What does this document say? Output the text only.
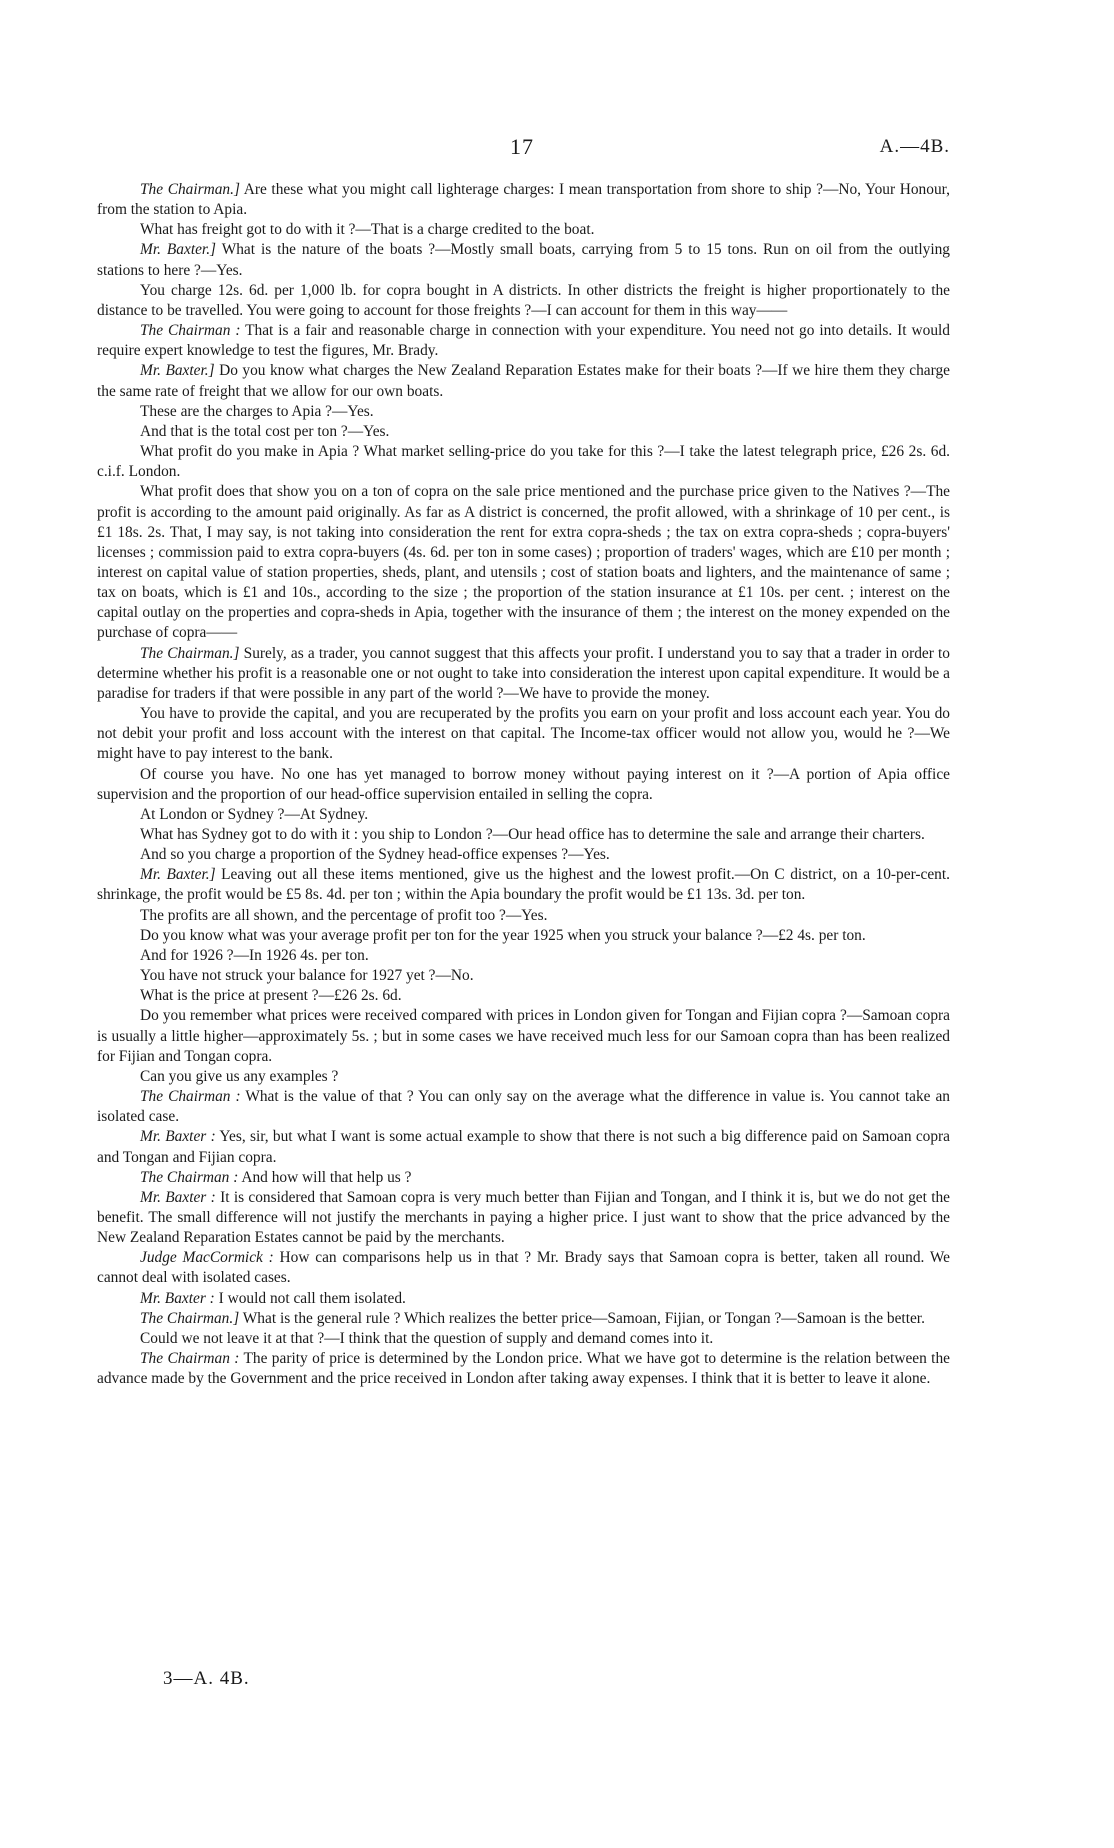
17	A.—4B.

The Chairman.] Are these what you might call lighterage charges: I mean transportation from shore to ship ?—No, Your Honour, from the station to Apia.

What has freight got to do with it ?—That is a charge credited to the boat.

Mr. Baxter.] What is the nature of the boats ?—Mostly small boats, carrying from 5 to 15 tons. Run on oil from the outlying stations to here ?—Yes.

You charge 12s. 6d. per 1,000 lb. for copra bought in A districts. In other districts the freight is higher proportionately to the distance to be travelled. You were going to account for those freights ?—I can account for them in this way——

The Chairman : That is a fair and reasonable charge in connection with your expenditure. You need not go into details. It would require expert knowledge to test the figures, Mr. Brady.

Mr. Baxter.] Do you know what charges the New Zealand Reparation Estates make for their boats ?—If we hire them they charge the same rate of freight that we allow for our own boats.

These are the charges to Apia ?—Yes.

And that is the total cost per ton ?—Yes.

What profit do you make in Apia ? What market selling-price do you take for this ?—I take the latest telegraph price, £26 2s. 6d. c.i.f. London.

What profit does that show you on a ton of copra on the sale price mentioned and the purchase price given to the Natives ?—The profit is according to the amount paid originally. As far as A district is concerned, the profit allowed, with a shrinkage of 10 per cent., is £1 18s. 2s. That, I may say, is not taking into consideration the rent for extra copra-sheds ; the tax on extra copra-sheds ; copra-buyers' licenses ; commission paid to extra copra-buyers (4s. 6d. per ton in some cases) ; proportion of traders' wages, which are £10 per month ; interest on capital value of station properties, sheds, plant, and utensils ; cost of station boats and lighters, and the maintenance of same ; tax on boats, which is £1 and 10s., according to the size ; the proportion of the station insurance at £1 10s. per cent. ; interest on the capital outlay on the properties and copra-sheds in Apia, together with the insurance of them ; the interest on the money expended on the purchase of copra——

The Chairman.] Surely, as a trader, you cannot suggest that this affects your profit. I understand you to say that a trader in order to determine whether his profit is a reasonable one or not ought to take into consideration the interest upon capital expenditure. It would be a paradise for traders if that were possible in any part of the world ?—We have to provide the money.

You have to provide the capital, and you are recuperated by the profits you earn on your profit and loss account each year. You do not debit your profit and loss account with the interest on that capital. The Income-tax officer would not allow you, would he ?—We might have to pay interest to the bank.

Of course you have. No one has yet managed to borrow money without paying interest on it ?—A portion of Apia office supervision and the proportion of our head-office supervision entailed in selling the copra.

At London or Sydney ?—At Sydney.

What has Sydney got to do with it : you ship to London ?—Our head office has to determine the sale and arrange their charters.

And so you charge a proportion of the Sydney head-office expenses ?—Yes.

Mr. Baxter.] Leaving out all these items mentioned, give us the highest and the lowest profit.—On C district, on a 10-per-cent. shrinkage, the profit would be £5 8s. 4d. per ton ; within the Apia boundary the profit would be £1 13s. 3d. per ton.

The profits are all shown, and the percentage of profit too ?—Yes.

Do you know what was your average profit per ton for the year 1925 when you struck your balance ?—£2 4s. per ton.

And for 1926 ?—In 1926 4s. per ton.

You have not struck your balance for 1927 yet ?—No.

What is the price at present ?—£26 2s. 6d.

Do you remember what prices were received compared with prices in London given for Tongan and Fijian copra ?—Samoan copra is usually a little higher—approximately 5s. ; but in some cases we have received much less for our Samoan copra than has been realized for Fijian and Tongan copra.

Can you give us any examples ?

The Chairman : What is the value of that ? You can only say on the average what the difference in value is. You cannot take an isolated case.

Mr. Baxter : Yes, sir, but what I want is some actual example to show that there is not such a big difference paid on Samoan copra and Tongan and Fijian copra.

The Chairman : And how will that help us ?

Mr. Baxter : It is considered that Samoan copra is very much better than Fijian and Tongan, and I think it is, but we do not get the benefit. The small difference will not justify the merchants in paying a higher price. I just want to show that the price advanced by the New Zealand Reparation Estates cannot be paid by the merchants.

Judge MacCormick : How can comparisons help us in that ? Mr. Brady says that Samoan copra is better, taken all round. We cannot deal with isolated cases.

Mr. Baxter : I would not call them isolated.

The Chairman.] What is the general rule ? Which realizes the better price—Samoan, Fijian, or Tongan ?—Samoan is the better.

Could we not leave it at that ?—I think that the question of supply and demand comes into it.

The Chairman : The parity of price is determined by the London price. What we have got to determine is the relation between the advance made by the Government and the price received in London after taking away expenses. I think that it is better to leave it alone.

3—A. 4B.
